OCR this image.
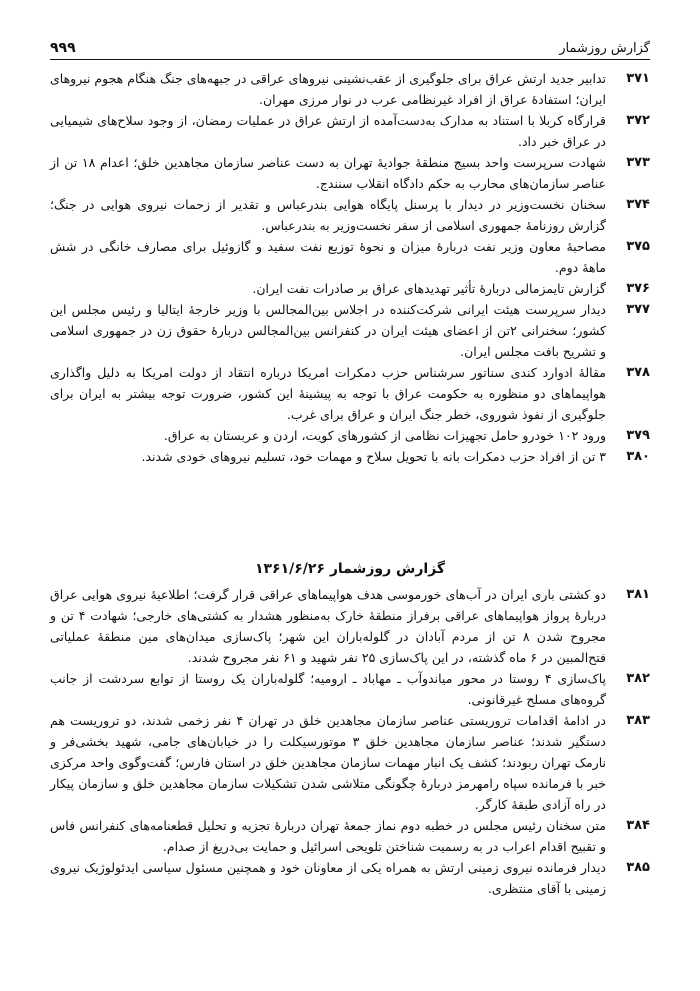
گزارش روزشمار
۹۹۹
۳۷۱
تدابیر جدید ارتش عراق برای جلوگیری از عقب‌نشینی نیروهای عراقی در جبهه‌های جنگ هنگام هجوم نیروهای ایران؛ استفادۀ عراق از افراد غیرنظامی عرب در نوار مرزی مهران.
۳۷۲
قرارگاه کربلا با استناد به مدارک به‌دست‌آمده از ارتش عراق در عملیات رمضان، از وجود سلاح‌های شیمیایی در عراق خبر داد.
۳۷۳
شهادت سرپرست واحد بسیج منطقۀ جوادیۀ تهران به دست عناصر سازمان مجاهدین خلق؛ اعدام ۱۸ تن از عناصر سازمان‌های محارب به حکم دادگاه انقلاب سنندج.
۳۷۴
سخنان نخست‌وزیر در دیدار با پرسنل پایگاه هوایی بندرعباس و تقدیر از زحمات نیروی هوایی در جنگ؛ گزارش روزنامۀ جمهوری اسلامی از سفر نخست‌وزیر به بندرعباس.
۳۷۵
مصاحبۀ معاون وزیر نفت دربارۀ میزان و نحوۀ توزیع نفت سفید و گازوئیل برای مصارف خانگی در شش ماهۀ دوم.
۳۷۶
گزارش تایمزمالی دربارۀ تأثیر تهدیدهای عراق بر صادرات نفت ایران.
۳۷۷
دیدار سرپرست هیئت ایرانی شرکت‌کننده در اجلاس بین‌المجالس با وزیر خارجۀ ایتالیا و رئیس مجلس این کشور؛ سخنرانی ۲تن از اعضای هیئت ایران در کنفرانس بین‌المجالس دربارۀ حقوق زن در جمهوری اسلامی و تشریح بافت مجلس ایران.
۳۷۸
مقالۀ ادوارد کندی سناتور سرشناس حزب دمکرات امریکا درباره انتقاد از دولت امریکا به دلیل واگذاری هواپیماهای دو منظوره به حکومت عراق با توجه به پیشینۀ این کشور، ضرورت توجه بیشتر به ایران برای جلوگیری از نفوذ شوروی، خطر جنگ ایران و عراق برای غرب.
۳۷۹
ورود ۱۰۲ خودرو حامل تجهیزات نظامی از کشورهای کویت، اردن و عربستان به عراق.
۳۸۰
۳ تن از افراد حزب دمکرات بانه با تحویل سلاح و مهمات خود، تسلیم نیروهای خودی شدند.
گزارش روزشمار ۱۳۶۱/۶/۲۶
۳۸۱
دو کشتی باری ایران در آب‌های خورموسی هدف هواپیماهای عراقی قرار گرفت؛ اطلاعیۀ نیروی هوایی عراق دربارۀ پرواز هواپیماهای عراقی برفراز منطقۀ خارک به‌منظور هشدار به کشتی‌های خارجی؛ شهادت ۴ تن و مجروح شدن ۸ تن از مردم آبادان در گلوله‌باران این شهر؛ پاک‌سازی میدان‌های مین منطقۀ عملیاتی فتح‌المبین در ۶ ماه گذشته، در این پاک‌سازی ۲۵ نفر شهید و ۶۱ نفر مجروح شدند.
۳۸۲
پاک‌سازی ۴ روستا در محور میاندوآب ـ مهاباد ـ ارومیه؛ گلوله‌باران یک روستا از توابع سردشت از جانب گروه‌های مسلح غیرقانونی.
۳۸۳
در ادامۀ اقدامات تروریستی عناصر سازمان مجاهدین خلق در تهران ۴ نفر زخمی شدند، دو تروریست هم دستگیر شدند؛ عناصر سازمان مجاهدین خلق ۳ موتورسیکلت را در خیابان‌های جامی، شهید بخشی‌فر و نارمک تهران ربودند؛ کشف یک انبار مهمات سازمان مجاهدین خلق در استان فارس؛ گفت‌وگوی واحد مرکزی خبر با فرمانده سپاه رامهرمز دربارۀ چگونگی متلاشی شدن تشکیلات سازمان مجاهدین خلق و سازمان پیکار در راه آزادی طبقۀ کارگر.
۳۸۴
متن سخنان رئیس مجلس در خطبه دوم نماز جمعۀ تهران دربارۀ تجزیه و تحلیل قطعنامه‌های کنفرانس فاس و تقبیح اقدام اعراب در به رسمیت شناختن تلویحی اسرائیل و حمایت بی‌دریغ از صدام.
۳۸۵
دیدار فرمانده نیروی زمینی ارتش به همراه یکی از معاونان خود و همچنین مسئول سیاسی ایدئولوژیک نیروی زمینی با آقای منتظری.
